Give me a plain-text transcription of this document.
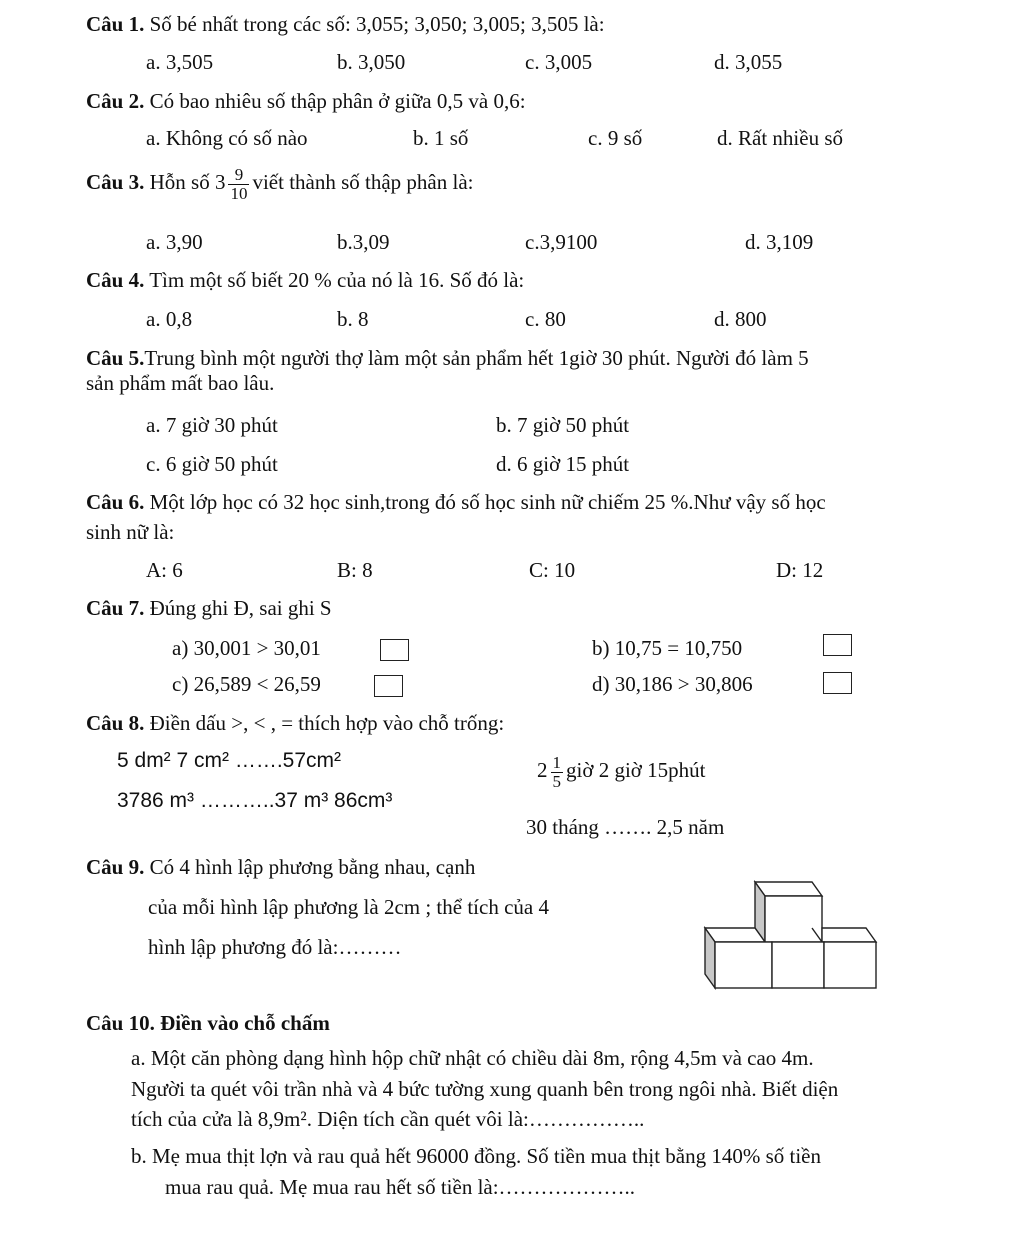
Câu 1. Số bé nhất trong các số: 3,055; 3,050; 3,005; 3,505 là:
a. 3,505	b. 3,050	c. 3,005	d. 3,055
Câu 2. Có bao nhiêu số thập phân ở giữa 0,5 và 0,6:
a. Không có số nào	b. 1 số	c. 9 số	d. Rất nhiều số
Câu 3. Hỗn số $3 \frac{9}{10}$ viết thành số thập phân là:
a. 3,90	b.3,09	c.3,9100	d. 3,109
Câu 4. Tìm một số biết 20 % của nó là 16. Số đó là:
a. 0,8	b. 8	c. 80	d. 800
Câu 5.Trung bình một người thợ làm một sản phẩm hết 1giờ 30 phút. Người đó làm 5
sản phẩm mất bao lâu.
a. 7 giờ 30 phút	b. 7 giờ 50 phút
c. 6 giờ 50 phút	d. 6 giờ 15 phút
Câu 6. Một lớp học có 32 học sinh,trong đó số học sinh nữ chiếm 25 %.Như vậy số học
sinh nữ là:
A: 6	B: 8	C: 10	D: 12
Câu 7. Đúng ghi Đ, sai ghi S
a) 30,001 > 30,01	b) 10,75 = 10,750
c) 26,589 < 26,59	d) 30,186 > 30,806
Câu 8. Điền dấu >, < , = thích hợp vào chỗ trống:
5 dm² 7 cm² …….57cm²
3786 m³ ………..37 m³ 86cm³
$2 \frac{1}{5}$ giờ 2 giờ 15phút
30 tháng ……. 2,5 năm
Câu 9. Có 4 hình lập phương bằng nhau, cạnh
của mỗi hình lập phương là 2cm ; thể tích của 4
hình lập phương đó là:………
Câu 10. Điền vào chỗ chấm
a. Một căn phòng dạng hình hộp chữ nhật có chiều dài 8m, rộng 4,5m và cao 4m.
Người ta quét vôi trần nhà và 4 bức tường xung quanh bên trong ngôi nhà. Biết diện
tích của cửa là 8,9m². Diện tích cần quét vôi là:……………..
b. Mẹ mua thịt lợn và rau quả hết 96000 đồng. Số tiền mua thịt bằng 140% số tiền
mua rau quả. Mẹ mua rau hết số tiền là:………………..
